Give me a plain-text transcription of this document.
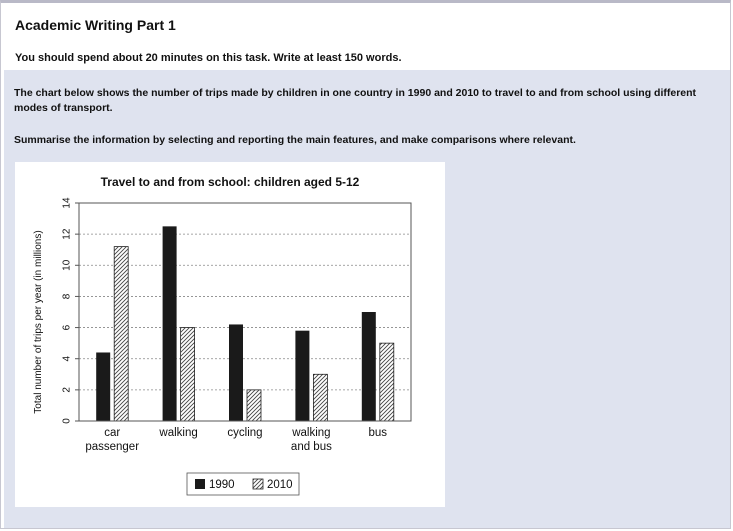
Academic Writing Part 1
You should spend about 20 minutes on this task. Write at least 150 words.
The chart below shows the number of trips made by children in one country in 1990 and 2010 to travel to and from school using different modes of transport.
Summarise the information by selecting and reporting the main features, and make comparisons where relevant.
Travel to and from school: children aged 5-12
0
2
4
6
8
10
12
14
car
passenger
walking	cycling	walking
and bus
bus
Total number of trips per year (in millions)
1990	2010
